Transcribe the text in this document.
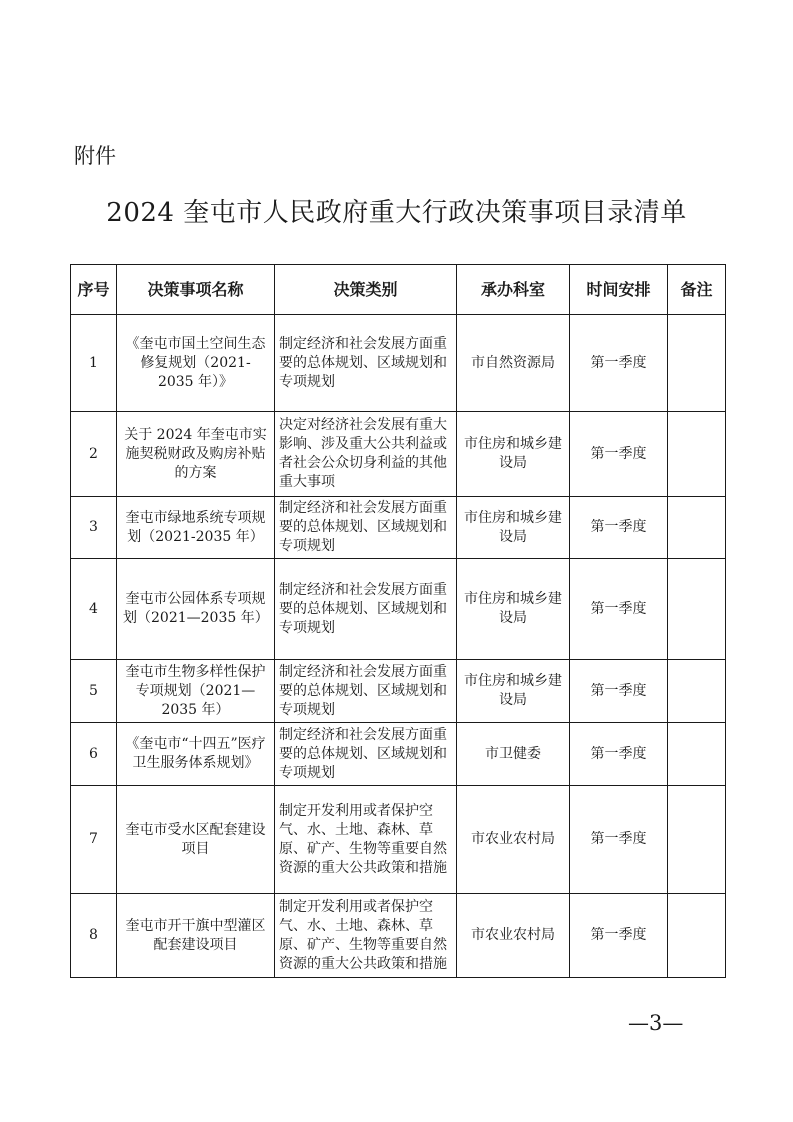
附件
2024 奎屯市人民政府重大行政决策事项目录清单
序号	决策事项名称	决策类别	承办科室	时间安排	备注
1	《奎屯市国土空间生态修复规划（2021-2035 年）》	制定经济和社会发展方面重要的总体规划、区域规划和专项规划	市自然资源局	第一季度	
2	关于 2024 年奎屯市实施契税财政及购房补贴的方案	决定对经济社会发展有重大影响、涉及重大公共利益或者社会公众切身利益的其他重大事项	市住房和城乡建设局	第一季度	
3	奎屯市绿地系统专项规划（2021-2035 年）	制定经济和社会发展方面重要的总体规划、区域规划和专项规划	市住房和城乡建设局	第一季度	
4	奎屯市公园体系专项规划（2021—2035 年）	制定经济和社会发展方面重要的总体规划、区域规划和专项规划	市住房和城乡建设局	第一季度	
5	奎屯市生物多样性保护专项规划（2021—2035 年）	制定经济和社会发展方面重要的总体规划、区域规划和专项规划	市住房和城乡建设局	第一季度	
6	《奎屯市“十四五”医疗卫生服务体系规划》	制定经济和社会发展方面重要的总体规划、区域规划和专项规划	市卫健委	第一季度	
7	奎屯市受水区配套建设项目	制定开发利用或者保护空气、水、土地、森林、草原、矿产、生物等重要自然资源的重大公共政策和措施	市农业农村局	第一季度	
8	奎屯市开干旗中型灌区配套建设项目	制定开发利用或者保护空气、水、土地、森林、草原、矿产、生物等重要自然资源的重大公共政策和措施	市农业农村局	第一季度	
—3—
